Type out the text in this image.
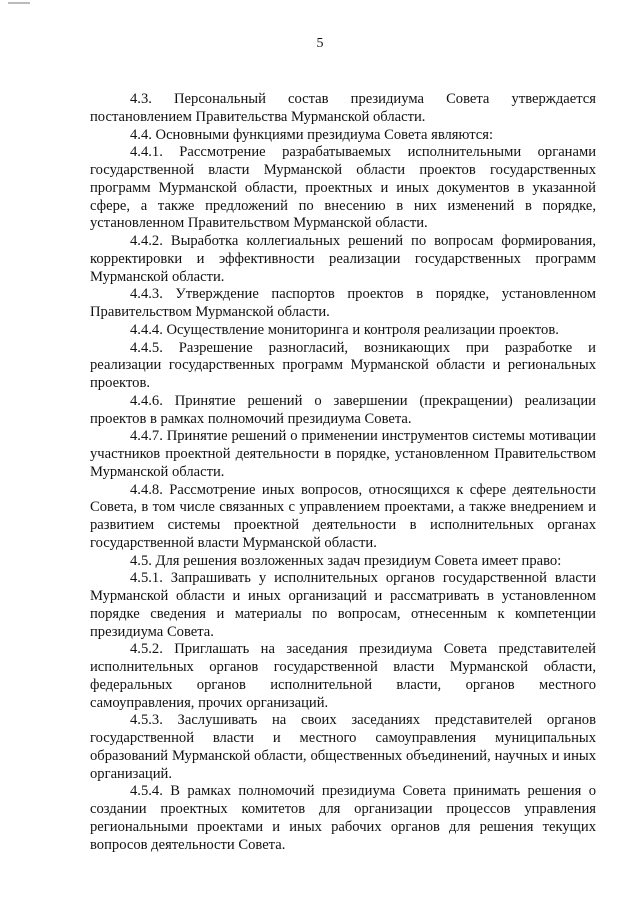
5

4.3. Персональный состав президиума Совета утверждается постановлением Правительства Мурманской области.

4.4. Основными функциями президиума Совета являются:

4.4.1. Рассмотрение разрабатываемых исполнительными органами государственной власти Мурманской области проектов государственных программ Мурманской области, проектных и иных документов в указанной сфере, а также предложений по внесению в них изменений в порядке, установленном Правительством Мурманской области.

4.4.2. Выработка коллегиальных решений по вопросам формирования, корректировки и эффективности реализации государственных программ Мурманской области.

4.4.3. Утверждение паспортов проектов в порядке, установленном Правительством Мурманской области.

4.4.4. Осуществление мониторинга и контроля реализации проектов.

4.4.5. Разрешение разногласий, возникающих при разработке и реализации государственных программ Мурманской области и региональных проектов.

4.4.6. Принятие решений о завершении (прекращении) реализации проектов в рамках полномочий президиума Совета.

4.4.7. Принятие решений о применении инструментов системы мотивации участников проектной деятельности в порядке, установленном Правительством Мурманской области.

4.4.8. Рассмотрение иных вопросов, относящихся к сфере деятельности Совета, в том числе связанных с управлением проектами, а также внедрением и развитием системы проектной деятельности в исполнительных органах государственной власти Мурманской области.

4.5. Для решения возложенных задач президиум Совета имеет право:

4.5.1. Запрашивать у исполнительных органов государственной власти Мурманской области и иных организаций и рассматривать в установленном порядке сведения и материалы по вопросам, отнесенным к компетенции президиума Совета.

4.5.2. Приглашать на заседания президиума Совета представителей исполнительных органов государственной власти Мурманской области, федеральных органов исполнительной власти, органов местного самоуправления, прочих организаций.

4.5.3. Заслушивать на своих заседаниях представителей органов государственной власти и местного самоуправления муниципальных образований Мурманской области, общественных объединений, научных и иных организаций.

4.5.4. В рамках полномочий президиума Совета принимать решения о создании проектных комитетов для организации процессов управления региональными проектами и иных рабочих органов для решения текущих вопросов деятельности Совета.
